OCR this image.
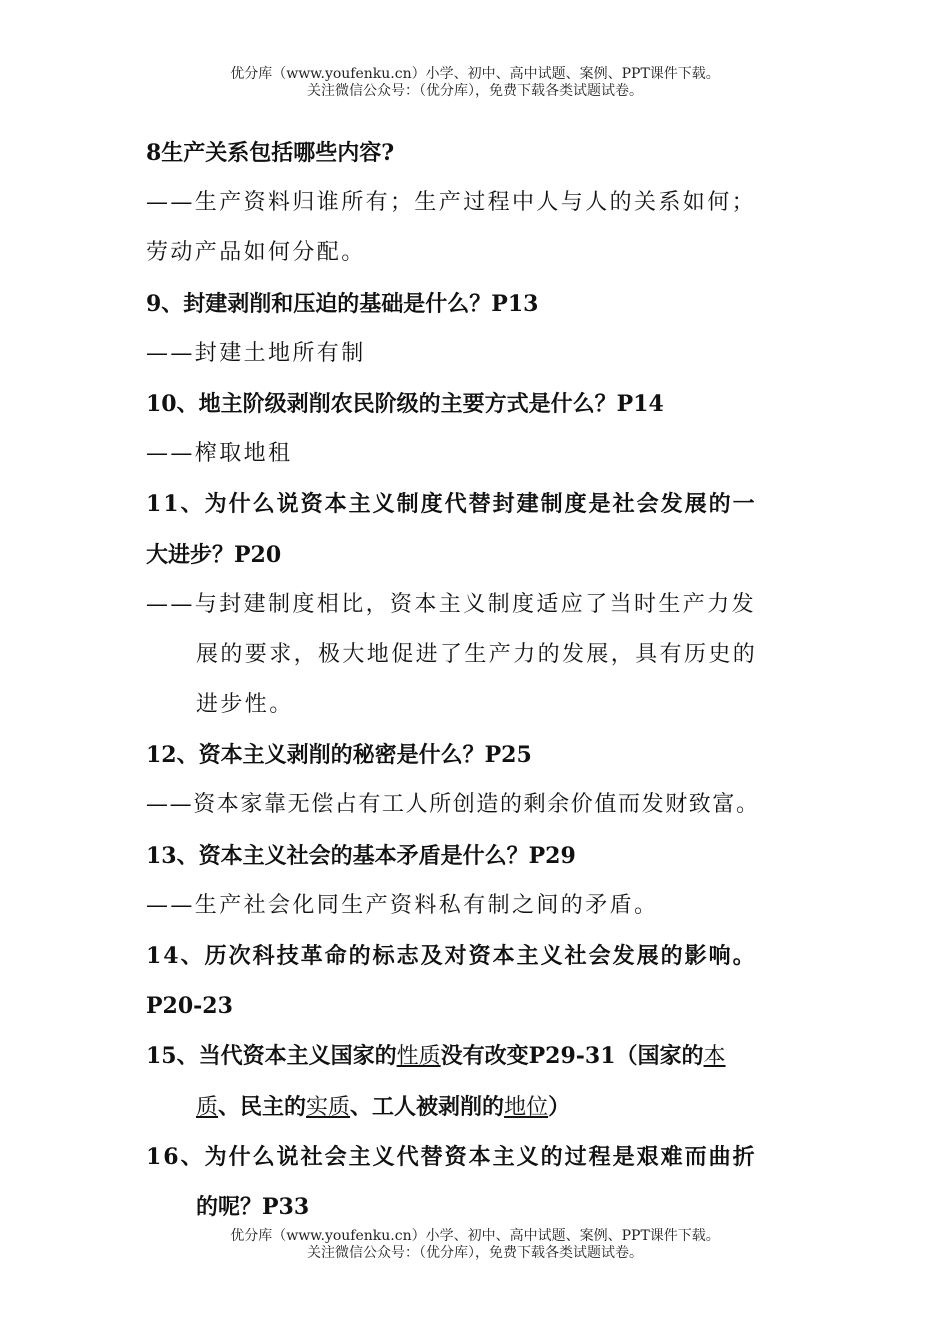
优分库（www.youfenku.cn）小学、初中、高中试题、案例、PPT课件下载。
关注微信公众号：（优分库），免费下载各类试题试卷。
8生产关系包括哪些内容?
——生产资料归谁所有；生产过程中人与人的关系如何；
劳动产品如何分配。
9、封建剥削和压迫的基础是什么？P13
——封建土地所有制
10、地主阶级剥削农民阶级的主要方式是什么？P14
——榨取地租
11、为什么说资本主义制度代替封建制度是社会发展的一
大进步？P20
——与封建制度相比，资本主义制度适应了当时生产力发
展的要求，极大地促进了生产力的发展，具有历史的
进步性。
12、资本主义剥削的秘密是什么？P25
——资本家靠无偿占有工人所创造的剩余价值而发财致富。
13、资本主义社会的基本矛盾是什么？P29
——生产社会化同生产资料私有制之间的矛盾。
14、历次科技革命的标志及对资本主义社会发展的影响。
P20-23
15、当代资本主义国家的性质没有改变P29-31（国家的本
质、民主的实质、工人被剥削的地位）
16、为什么说社会主义代替资本主义的过程是艰难而曲折
的呢？P33
优分库（www.youfenku.cn）小学、初中、高中试题、案例、PPT课件下载。
关注微信公众号：（优分库），免费下载各类试题试卷。
